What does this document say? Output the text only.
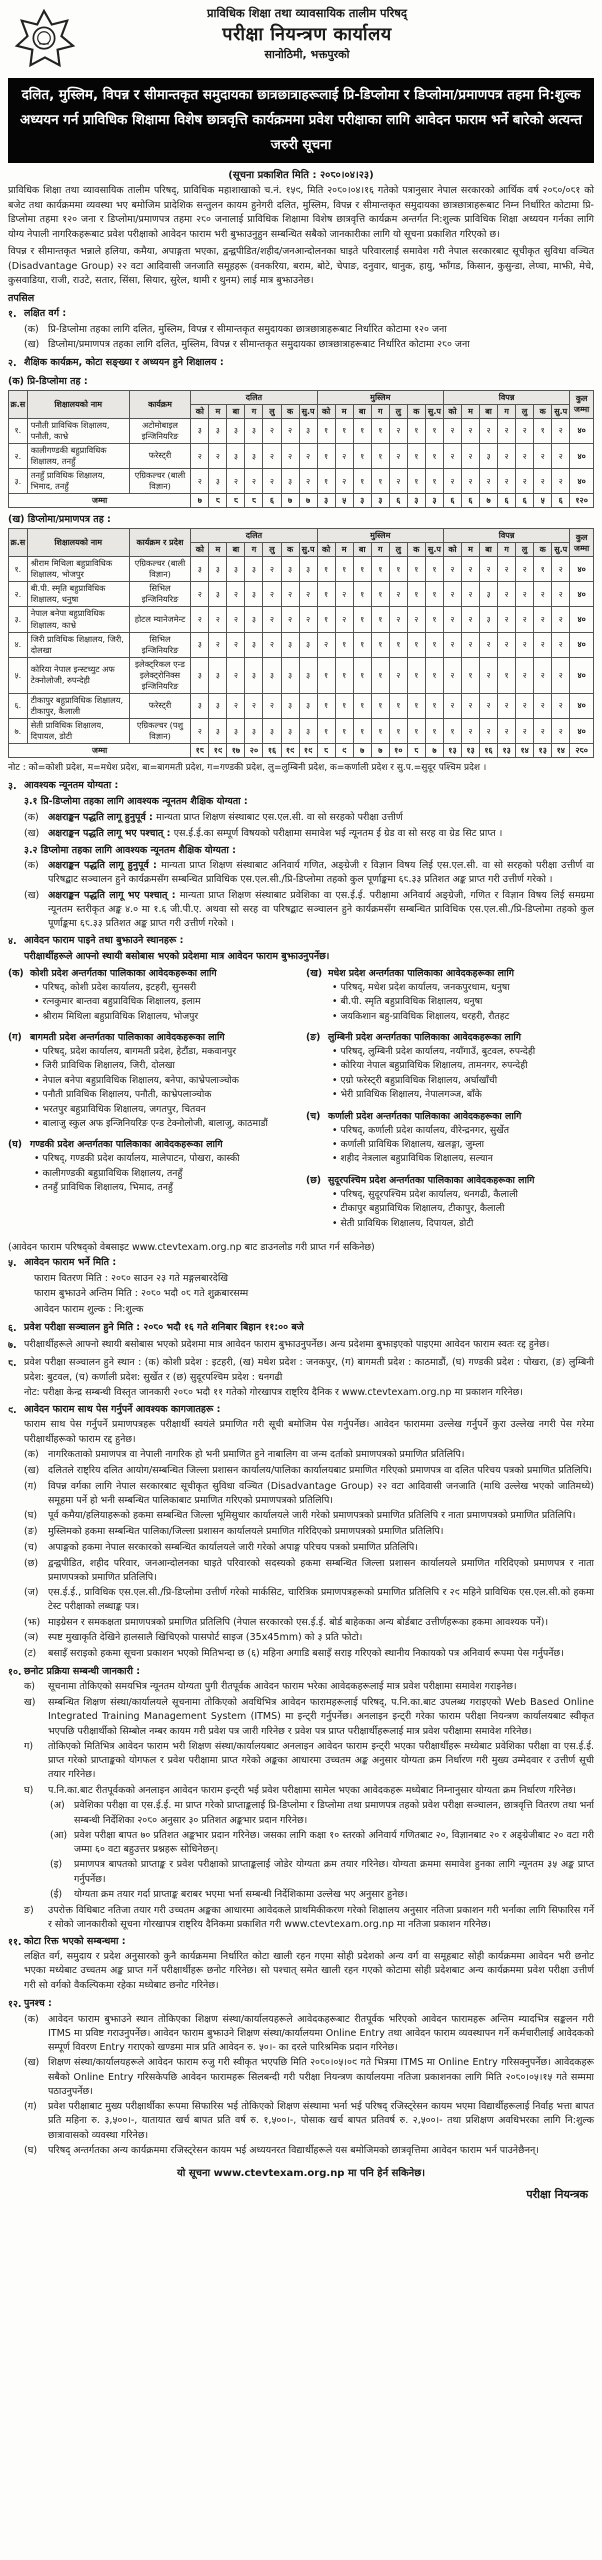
प्राविधिक शिक्षा तथा व्यावसायिक तालीम परिषद्
परीक्षा नियन्त्रण कार्यालय
सानोठिमी, भक्तपुरको
दलित, मुस्लिम, विपन्न र सीमान्तकृत समुदायका छात्रछात्राहरूलाई प्रि-डिप्लोमा र डिप्लोमा/प्रमाणपत्र तहमा नि:शुल्क अध्ययन गर्न प्राविधिक शिक्षामा विशेष छात्रवृत्ति कार्यक्रममा प्रवेश परीक्षाका लागि आवेदन फाराम भर्ने बारेको अत्यन्त जरुरी सूचना
(सूचना प्रकाशित मिति : २०८०।०४।२३)

प्राविधिक शिक्षा तथा व्यावसायिक तालीम परिषद्, प्राविधिक महाशाखाको च.नं. १५९, मिति २०८०।०४।१६ गतेको पत्रानुसार नेपाल सरकारको आर्थिक वर्ष २०८०/०८१ को बजेट तथा कार्यक्रममा व्यवस्था भए बमोजिम प्रादेशिक सन्तुलन कायम हुनेगरी दलित, मुस्लिम, विपन्न र सीमान्तकृत समुदायका छात्रछात्राहरूबाट निम्न निर्धारित कोटामा प्रि-डिप्लोमा तहमा १२० जना र डिप्लोमा/प्रमाणपत्र तहमा २८० जनालाई प्राविधिक शिक्षामा विशेष छात्रवृत्ति कार्यक्रम अन्तर्गत नि:शुल्क प्राविधिक शिक्षा अध्ययन गर्नका लागि योग्य नेपाली नागरिकहरूबाट प्रवेश परीक्षाको आवेदन फाराम भरी बुझाउनुहुन सम्बन्धित सबैको जानकारीका लागि यो सूचना प्रकाशित गरिएको छ।

विपन्न र सीमान्तकृत भन्नाले हलिया, कमैया, अपाङ्गता भएका, द्वन्द्वपीडित/शहीद/जनआन्दोलनका घाइते परिवारलाई समावेश गरी नेपाल सरकारबाट सूचीकृत सुविधा वञ्चित (Disadvantage Group) २२ वटा आदिवासी जनजाति समूहहरू (वनकरिया, बराम, बोटे, चेपाङ, दनुवार, धानुक, हायु, झाँगड, किसान, कुसुन्डा, लेप्चा, माझी, मेचे, कुसवाडिया, राजी, राउटे, सतार, सिंसा, सियार, सुरेल, थामी र थुनम) लाई मात्र बुझाउनेछ।

तपसिल
१. लक्षित वर्ग :
(क) प्रि-डिप्लोमा तहका लागि दलित, मुस्लिम, विपन्न र सीमान्तकृत समुदायका छात्रछात्राहरूबाट निर्धारित कोटामा १२० जना
(ख) डिप्लोमा/प्रमाणपत्र तहका लागि दलित, मुस्लिम, विपन्न र सीमान्तकृत समुदायका छात्रछात्राहरूबाट निर्धारित कोटामा २८० जना
२. शैक्षिक कार्यक्रम, कोटा सङ्ख्या र अध्ययन हुने शिक्षालय :
(क) प्रि-डिप्लोमा तह :
क्र.स	शिक्षालयको नाम	कार्यक्रम	दलित							मुस्लिम							विपन्न							कुल
जम्मा

			को	म	बा	ग	लु	क	सु.प	को	म	बा	ग	लु	क	सु.प	को	म	बा	ग	लु	क	सु.प	
१.	पनौती प्राविधिक शिक्षालय, पनौती, काभ्रे	अटोमोबाइल इन्जिनियरिङ	३	३	३	३	२	२	३	१	१	१	१	२	१	१	२	२	२	२	२	१	२	४०
२.	कालीगण्डकी बहुप्राविधिक शिक्षालय, तनहुँ	फरेस्ट्री	२	२	३	३	२	२	२	१	२	१	१	२	१	१	२	२	३	२	२	२	२	४०
३.	तनहुँ प्राविधिक शिक्षालय, भिमाद, तनहुँ	एग्रिकल्चर (बाली विज्ञान)	२	३	२	२	२	३	२	१	२	१	१	२	१	१	२	२	२	२	२	२	२	४०
जम्मा			७	८	८	८	६	७	७	३	५	३	३	६	३	३	६	६	७	६	६	५	६	१२०
(ख) डिप्लोमा/प्रमाणपत्र तह :
क्र.स	शिक्षालयको नाम	कार्यक्रम र प्रदेश	दलित							मुस्लिम							विपन्न							कुल
जम्मा

			को	म	बा	ग	लु	क	सु.प	को	म	बा	ग	लु	क	सु.प	को	म	बा	ग	लु	क	सु.प	
१.	श्रीराम मिथिला बहुप्राविधिक शिक्षालय, भोजपुर	एग्रिकल्चर (बाली विज्ञान)	३	३	३	३	२	३	३	१	१	१	१	१	१	१	२	२	२	२	२	१	२	४०
२.	बी.पी. स्मृति बहुप्राविधिक शिक्षालय, धनुषा	सिभिल इन्जिनियरिङ	२	३	२	३	२	२	२	१	२	१	१	२	१	१	२	२	३	२	२	२	२	४०
३.	नेपाल बनेपा बहुप्राविधिक शिक्षालय, काभ्रे	होटल म्यानेजमेन्ट	२	२	२	३	२	२	२	१	२	१	१	२	२	१	२	२	३	२	२	२	२	४०
४.	जिरी प्राविधिक शिक्षालय, जिरी, दोलखा	सिभिल इन्जिनियरिङ	३	२	२	३	२	३	३	२	१	१	१	१	१	१	२	२	२	२	२	२	२	४०
५.	कोरिया नेपाल इन्स्टच्युट अफ टेक्नोलोजी, रुपन्देही	इलेक्ट्रिकल एन्ड इलेक्ट्रोनिक्स इन्जिनियरिङ	३	३	२	३	३	३	३	१	१	१	१	२	१	१	२	१	२	१	२	२	२	४०
६.	टीकापुर बहुप्राविधिक शिक्षालय, टीकापुर, कैलाली	फरेस्ट्री	३	३	२	२	२	३	३	१	१	१	१	१	१	१	२	२	२	२	२	२	२	४०
७.	सेती प्राविधिक शिक्षालय, दिपायल, डोटी	एग्रिकल्चर (पशु विज्ञान)	२	३	३	३	३	३	३	१	१	१	१	१	१	१	१	२	२	२	२	२	२	४०
जम्मा			१८	१९	१७	२०	१६	१९	१९	८	९	७	७	१०	८	७	१३	१३	१६	१३	१४	१३	१४	२८०
नोट : को=कोशी प्रदेश, म=मधेश प्रदेश, बा=बागमती प्रदेश, ग=गण्डकी प्रदेश, लु=लुम्बिनी प्रदेश, क=कर्णाली प्रदेश र सु.प.=सुदूर पश्चिम प्रदेश ।
३. आवश्यक न्यूनतम योग्यता :
३.१ प्रि-डिप्लोमा तहका लागि आवश्यक न्यूनतम शैक्षिक योग्यता :
(क) अक्षराङ्कन पद्धति लागू हुनुपूर्व : मान्यता प्राप्त शिक्षण संस्थाबाट एस.एल.सी. वा सो सरहको परीक्षा उत्तीर्ण
(ख) अक्षराङ्कन पद्धति लागू भए पश्चात् : एस.ई.ई.का सम्पूर्ण विषयको परीक्षामा समावेश भई न्यूनतम ई ग्रेड वा सो सरह वा ग्रेड सिट प्राप्त ।
३.२ डिप्लोमा तहका लागि आवश्यक न्यूनतम शैक्षिक योग्यता :
(क) अक्षराङ्कन पद्धति लागू हुनुपूर्व : मान्यता प्राप्त शिक्षण संस्थाबाट अनिवार्य गणित, अङ्ग्रेजी र विज्ञान विषय लिई एस.एल.सी. वा सो सरहको परीक्षा उत्तीर्ण वा परिषद्बाट सञ्चालन हुने कार्यक्रमसँग सम्बन्धित प्राविधिक एस.एल.सी./प्रि-डिप्लोमा तहको कुल पूर्णाङ्कमा ६८.३३ प्रतिशत अङ्क प्राप्त गरी उत्तीर्ण गरेको ।
(ख) अक्षराङ्कन पद्धति लागू भए पश्चात् : मान्यता प्राप्त शिक्षण संस्थाबाट प्रवेशिका वा एस.ई.ई. परीक्षामा अनिवार्य अङ्ग्रेजी, गणित र विज्ञान विषय लिई समग्रमा न्यूनतम स्तरीकृत अङ्क ४.० मा १.६ जी.पी.ए. अथवा सो सरह वा परिषद्बाट सञ्चालन हुने कार्यक्रमसँग सम्बन्धित प्राविधिक एस.एल.सी./प्रि-डिप्लोमा तहको कुल पूर्णाङ्कमा ६८.३३ प्रतिशत अङ्क प्राप्त गरी उत्तीर्ण गरेको ।
४. आवेदन फाराम पाइने तथा बुझाउने स्थानहरू :
परीक्षार्थीहरूले आफ्नो स्थायी बसोबास भएको प्रदेशमा मात्र आवेदन फाराम बुझाउनुपर्नेछ।
(क) कोशी प्रदेश अन्तर्गतका पालिकाका आवेदकहरूका लागि
• परिषद्, कोशी प्रदेश कार्यालय, इटहरी, सुनसरी
• रत्नकुमार बान्तवा बहुप्राविधिक शिक्षालय, इलाम
• श्रीराम मिथिला बहुप्राविधिक शिक्षालय, भोजपुर
(ग) बागमती प्रदेश अन्तर्गतका पालिकाका आवेदकहरूका लागि
• परिषद्, प्रदेश कार्यालय, बागमती प्रदेश, हेटौंडा, मकवानपुर
• जिरी प्राविधिक शिक्षालय, जिरी, दोलखा
• नेपाल बनेपा बहुप्राविधिक शिक्षालय, बनेपा, काभ्रेपलाञ्चोक
• पनौती प्राविधिक शिक्षालय, पनौती, काभ्रेपलाञ्चोक
• भरतपुर बहुप्राविधिक शिक्षालय, जगतपुर, चितवन
• बालाजु स्कुल अफ इन्जिनियरिङ एन्ड टेक्नोलोजी, बालाजु, काठमाडौं
(घ) गण्डकी प्रदेश अन्तर्गतका पालिकाका आवेदकहरूका लागि
• परिषद्, गण्डकी प्रदेश कार्यालय, मालेपाटन, पोखरा, कास्की
• कालीगण्डकी बहुप्राविधिक शिक्षालय, तनहुँ
• तनहुँ प्राविधिक शिक्षालय, भिमाद, तनहुँ
(ख) मधेश प्रदेश अन्तर्गतका पालिकाका आवेदकहरूका लागि
• परिषद्, मधेश प्रदेश कार्यालय, जनकपुरधाम, धनुषा
• बी.पी. स्मृति बहुप्राविधिक शिक्षालय, धनुषा
• जयकिशान बहु-प्राविधिक शिक्षालय, धरहरी, रौतहट
(ङ) लुम्बिनी प्रदेश अन्तर्गतका पालिकाका आवेदकहरूका लागि
• परिषद्, लुम्बिनी प्रदेश कार्यालय, नयाँगाउँ, बुटवल, रुपन्देही
• कोरिया नेपाल बहुप्राविधिक शिक्षालय, तामनगर, रुपन्देही
• एग्रो फरेस्ट्री बहुप्राविधिक शिक्षालय, अर्घाखाँची
• भेरी प्राविधिक शिक्षालय, नेपालगञ्ज, बाँके
(च) कर्णाली प्रदेश अन्तर्गतका पालिकाका आवेदकहरूका लागि
• परिषद्, कर्णाली प्रदेश कार्यालय, वीरेन्द्रनगर, सुर्खेत
• कर्णाली प्राविधिक शिक्षालय, खलङ्गा, जुम्ला
• शहीद नेत्रलाल बहुप्राविधिक शिक्षालय, सल्यान
(छ) सुदूरपश्चिम प्रदेश अन्तर्गतका पालिकाका आवेदकहरूका लागि
• परिषद्, सुदूरपश्चिम प्रदेश कार्यालय, धनगढी, कैलाली
• टीकापुर बहुप्राविधिक शिक्षालय, टीकापुर, कैलाली
• सेती प्राविधिक शिक्षालय, दिपायल, डोटी
(आवेदन फाराम परिषद्को वेबसाइट www.ctevtexam.org.np बाट डाउनलोड गरी प्राप्त गर्न सकिनेछ)
५. आवेदन फाराम भर्ने मिति :
फाराम वितरण मिति : २०८० साउन २३ गते मङ्गलबारदेखि
फाराम बुझाउने अन्तिम मिति : २०८० भदौ ०८ गते शुक्रबारसम्म
आवेदन फाराम शुल्क : नि:शुल्क
६. प्रवेश परीक्षा सञ्चालन हुने मिति : २०८० भदौ १६ गते शनिबार बिहान ११:०० बजे
७. परीक्षार्थीहरूले आफ्नो स्थायी बसोबास भएको प्रदेशमा मात्र आवेदन फाराम बुझाउनुपर्नेछ। अन्य प्रदेशमा बुझाइएको पाइएमा आवेदन फाराम स्वतः रद्द हुनेछ।
८. प्रवेश परीक्षा सञ्चालन हुने स्थान : (क) कोशी प्रदेश : इटहरी, (ख) मधेश प्रदेश : जनकपुर, (ग) बागमती प्रदेश : काठमाडौं, (घ) गण्डकी प्रदेश : पोखरा, (ङ) लुम्बिनी प्रदेश: बुटवल, (च) कर्णाली प्रदेश: सुर्खेत र (छ) सुदूरपश्चिम प्रदेश : धनगढी
नोट: परीक्षा केन्द्र सम्बन्धी विस्तृत जानकारी २०८० भदौ ११ गतेको गोरखापत्र राष्ट्रिय दैनिक र www.ctevtexam.org.np मा प्रकाशन गरिनेछ।
९. आवेदन फाराम साथ पेस गर्नुपर्ने आवश्यक कागजातहरू :
फाराम साथ पेस गर्नुपर्ने प्रमाणपत्रहरू परीक्षार्थी स्वयंले प्रमाणित गरी सूची बमोजिम पेस गर्नुपर्नेछ। आवेदन फाराममा उल्लेख गर्नुपर्ने कुरा उल्लेख नगरी पेस गरेमा परीक्षार्थीहरूको फाराम रद्द हुनेछ।
(क) नागरिकताको प्रमाणपत्र वा नेपाली नागरिक हो भनी प्रमाणित हुने नाबालिग वा जन्म दर्ताको प्रमाणपत्रको प्रमाणित प्रतिलिपि।
(ख) दलितले राष्ट्रिय दलित आयोग/सम्बन्धित जिल्ला प्रशासन कार्यालय/पालिका कार्यालयबाट प्रमाणित गरिएको प्रमाणपत्र वा दलित परिचय पत्रको प्रमाणित प्रतिलिपि।
(ग)	विपन्न वर्गका लागि नेपाल सरकारबाट सूचीकृत सुविधा वञ्चित (Disadvantage Group) २२ वटा आदिवासी जनजाति (माथि उल्लेख भएको जातिमध्ये) समूहमा पर्ने हो भनी सम्बन्धित पालिकाबाट प्रमाणित गरिएको प्रमाणपत्रको प्रतिलिपि।
(घ)	पूर्व कमैया/हलियाहरूको हकमा सम्बन्धित जिल्ला भूमिसुधार कार्यालयले जारी गरेको प्रमाणपत्रको प्रमाणित प्रतिलिपि र नाता प्रमाणपत्रको प्रमाणित प्रतिलिपि।
(ङ)	मुस्लिमको हकमा सम्बन्धित पालिका/जिल्ला प्रशासन कार्यालयले प्रमाणित गरिदिएको प्रमाणपत्रको प्रमाणित प्रतिलिपि।
(च)	अपाङ्गको हकमा नेपाल सरकारको सम्बन्धित कार्यालयले जारी गरेको अपाङ्ग परिचय पत्रको प्रमाणित प्रतिलिपि।
(छ)	द्वन्द्वपीडित, शहीद परिवार, जनआन्दोलनका घाइते परिवारको सदस्यको हकमा सम्बन्धित जिल्ला प्रशासन कार्यालयले प्रमाणित गरिदिएको प्रमाणपत्र र नाता प्रमाणपत्रको प्रमाणित प्रतिलिपि।
(ज)	एस.ई.ई., प्राविधिक एस.एल.सी./प्रि-डिप्लोमा उत्तीर्ण गरेको मार्कसिट, चारित्रिक प्रमाणपत्रहरूको प्रमाणित प्रतिलिपि र २९ महिने प्राविधिक एस.एल.सी.को हकमा टेस्ट परीक्षाको लब्धाङ्क पत्र।
(झ) माइग्रेसन र समकक्षता प्रमाणपत्रको प्रमाणित प्रतिलिपि (नेपाल सरकारको एस.ई.ई. बोर्ड बाहेकका अन्य बोर्डबाट उत्तीर्णहरूका हकमा आवश्यक पर्ने)।
(ञ)	स्पष्ट मुखाकृति देखिने हालसालै खिचिएको पासपोर्ट साइज (35x45mm) को ३ प्रति फोटो।
(ट)	बसाइँ सराइको हकमा सूचना प्रकाशन भएको मितिभन्दा छ (६) महिना अगाडि बसाइँ सराइ गरिएको स्थानीय निकायको पत्र अनिवार्य रूपमा पेस गर्नुपर्नेछ।
१०. छनोट प्रक्रिया सम्बन्धी जानकारी :
क)	सूचनामा तोकिएको समयभित्र न्यूनतम योग्यता पुगी रीतपूर्वक आवेदन फाराम भरेका आवेदकहरूलाई मात्र प्रवेश परीक्षामा समावेश गराइनेछ।
ख)	सम्बन्धित शिक्षण संस्था/कार्यालयले सूचनामा तोकिएको अवधिभित्र आवेदन फारामहरूलाई परिषद्, प.नि.का.बाट उपलब्ध गराइएको Web Based Online Integrated Training Management System (ITMS) मा इन्ट्री गर्नुपर्नेछ। अनलाइन इन्ट्री गरेका फाराम परीक्षा नियन्त्रण कार्यालयबाट स्वीकृत भएपछि परीक्षार्थीको सिम्बोल नम्बर कायम गरी प्रवेश पत्र जारी गरिनेछ र प्रवेश पत्र प्राप्त परीक्षार्थीहरूलाई मात्र प्रवेश परीक्षामा समावेश गरिनेछ।
ग)	तोकिएको मितिभित्र आवेदन फाराम भरी शिक्षण संस्था/कार्यालयबाट अनलाइन आवेदन फाराम इन्ट्री भएका परीक्षार्थीहरू मध्येबाट प्रवेशिका परीक्षा वा एस.ई.ई. प्राप्त गरेको प्राप्ताङ्कको योगफल र प्रवेश परीक्षामा प्राप्त गरेको अङ्कका आधारमा उच्चतम अङ्क अनुसार योग्यता क्रम निर्धारण गरी मुख्य उम्मेदवार र उत्तीर्ण सूची तयार गरिनेछ।
घ)	प.नि.का.बाट रीतपूर्वकको अनलाइन आवेदन फाराम इन्ट्री भई प्रवेश परीक्षामा सामेल भएका आवेदकहरू मध्येबाट निम्नानुसार योग्यता क्रम निर्धारण गरिनेछ।
(अ) प्रवेशिका परीक्षा वा एस.ई.ई. मा प्राप्त गरेको प्राप्ताङ्कलाई प्रि-डिप्लोमा र डिप्लोमा तथा प्रमाणपत्र तहको प्रवेश परीक्षा सञ्चालन, छात्रवृत्ति वितरण तथा भर्ना सम्बन्धी निर्देशिका २०८० अनुसार ३० प्रतिशत अङ्कभार प्रदान गरिनेछ।
(आ) प्रवेश परीक्षा बापत ७० प्रतिशत अङ्कभार प्रदान गरिनेछ। जसका लागि कक्षा १० स्तरको अनिवार्य गणितबाट २०, विज्ञानबाट २० र अङ्ग्रेजीबाट २० वटा गरी जम्मा ६० वटा बहुउत्तर प्रश्नहरू सोधिनेछन्।
(इ)	प्रमाणपत्र बापतको प्राप्ताङ्क र प्रवेश परीक्षाको प्राप्ताङ्कलाई जोडेर योग्यता क्रम तयार गरिनेछ। योग्यता क्रममा समावेश हुनका लागि न्यूनतम ३५ अङ्क प्राप्त गर्नुपर्नेछ।
(ई)	योग्यता क्रम तयार गर्दा प्राप्ताङ्क बराबर भएमा भर्ना सम्बन्धी निर्देशिकामा उल्लेख भए अनुसार हुनेछ।
ङ)	उपरोक्त विधिबाट नतिजा तयार गरी उच्चतम अङ्कका आधारमा आवेदकले प्राथमिकीकरण गरेको शिक्षालय अनुसार नतिजा प्रकाशन गरी भर्नाका लागि सिफारिस गर्ने र सोको जानकारीको सूचना गोरखापत्र राष्ट्रिय दैनिकमा प्रकाशित गरी www.ctevtexam.org.np मा नतिजा प्रकाशन गरिनेछ।
११. कोटा रिक्त भएको सम्बन्धमा :
लक्षित वर्ग, समुदाय र प्रदेश अनुसारको कुनै कार्यक्रममा निर्धारित कोटा खाली रहन गएमा सोही प्रदेशको अन्य वर्ग वा समूहबाट सोही कार्यक्रममा आवेदन भरी छनोट भएका मध्येबाट उच्चतम अङ्क प्राप्त गर्ने परीक्षार्थीहरू छनोट गरिनेछ। सो पश्चात् समेत खाली रहन गएको कोटामा सोही प्रदेशबाट अन्य कार्यक्रममा प्रवेश परीक्षा उत्तीर्ण गरी सो वर्गको वैकल्पिकमा रहेका मध्येबाट छनोट गरिनेछ।
१२. पुनश्च :
(क) आवेदन फाराम बुझाउने स्थान तोकिएका शिक्षण संस्था/कार्यालयहरूले आवेदकहरूबाट रीतपूर्वक भरिएको आवेदन फारामहरू अन्तिम म्यादभित्र सङ्कलन गरी ITMS मा प्रविष्ट गराउनुपर्नेछ। आवेदन फाराम बुझाउने शिक्षण संस्था/कार्यालयमा Online Entry तथा आवेदन फाराम व्यवस्थापन गर्ने कर्मचारीलाई आवेदकको सम्पूर्ण विवरण Entry गराएको खण्डमा मात्र प्रति आवेदन रु. ५०।- का दरले पारिश्रमिक प्रदान गरिनेछ।
(ख) शिक्षण संस्था/कार्यालयहरूले आवेदन फाराम रुजु गरी स्वीकृत भएपछि मिति २०८०।०५।०९ गते भित्रमा ITMS मा Online Entry गरिसक्नुपर्नेछ। आवेदकहरू सबैको Online Entry गरिसकेपछि आवेदन फारामहरू सिलबन्दी गरी परीक्षा नियन्त्रण कार्यालयमा नतिजा प्रकाशनका लागि मिति २०८०।०५।१५ गते सम्ममा पठाउनुपर्नेछ।
(ग)	प्रवेश परीक्षाबाट मुख्य परीक्षार्थीका रूपमा सिफारिस भई तोकिएको शिक्षण संस्थामा भर्ना भई परिषद् रजिस्ट्रेसन कायम भएमा विद्यार्थीहरूलाई निर्वाह भत्ता बापत प्रति महिना रु. ३,५००।-, यातायात खर्च बापत प्रति वर्ष रु. १,५००।-, पोसाक खर्च बापत प्रतिवर्ष रु. २,५००।- तथा प्रशिक्षण अवधिभरका लागि नि:शुल्क छात्रावासको व्यवस्था गरिनेछ।
(घ)	परिषद् अन्तर्गतका अन्य कार्यक्रममा रजिस्ट्रेसन कायम भई अध्ययनरत विद्यार्थीहरूले यस बमोजिमको छात्रवृत्तिमा आवेदन फाराम भर्न पाउनेछैनन्।
यो सूचना www.ctevtexam.org.np मा पनि हेर्न सकिनेछ।
परीक्षा नियन्त्रक
